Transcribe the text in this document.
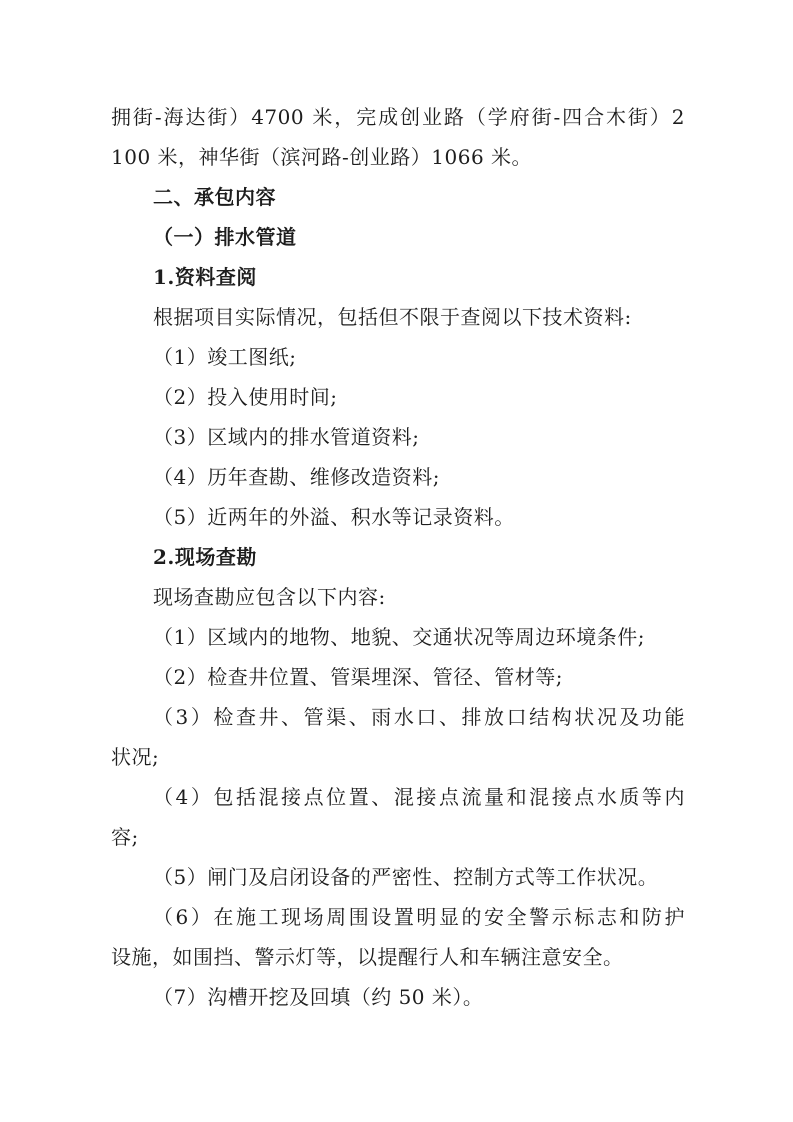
拥街-海达街）4700 米，完成创业路（学府街-四合木街）2
100 米，神华街（滨河路-创业路）1066 米。
二、承包内容
（一）排水管道
1.资料查阅
根据项目实际情况，包括但不限于查阅以下技术资料:
（1）竣工图纸;
（2）投入使用时间;
（3）区域内的排水管道资料;
（4）历年查勘、维修改造资料;
（5）近两年的外溢、积水等记录资料。
2.现场查勘
现场查勘应包含以下内容:
（1）区域内的地物、地貌、交通状况等周边环境条件;
（2）检查井位置、管渠埋深、管径、管材等;
（3）检查井、管渠、雨水口、排放口结构状况及功能
状况;
（4）包括混接点位置、混接点流量和混接点水质等内
容;
（5）闸门及启闭设备的严密性、控制方式等工作状况。
（6）在施工现场周围设置明显的安全警示标志和防护
设施，如围挡、警示灯等，以提醒行人和车辆注意安全。
（7）沟槽开挖及回填（约 50 米）。
